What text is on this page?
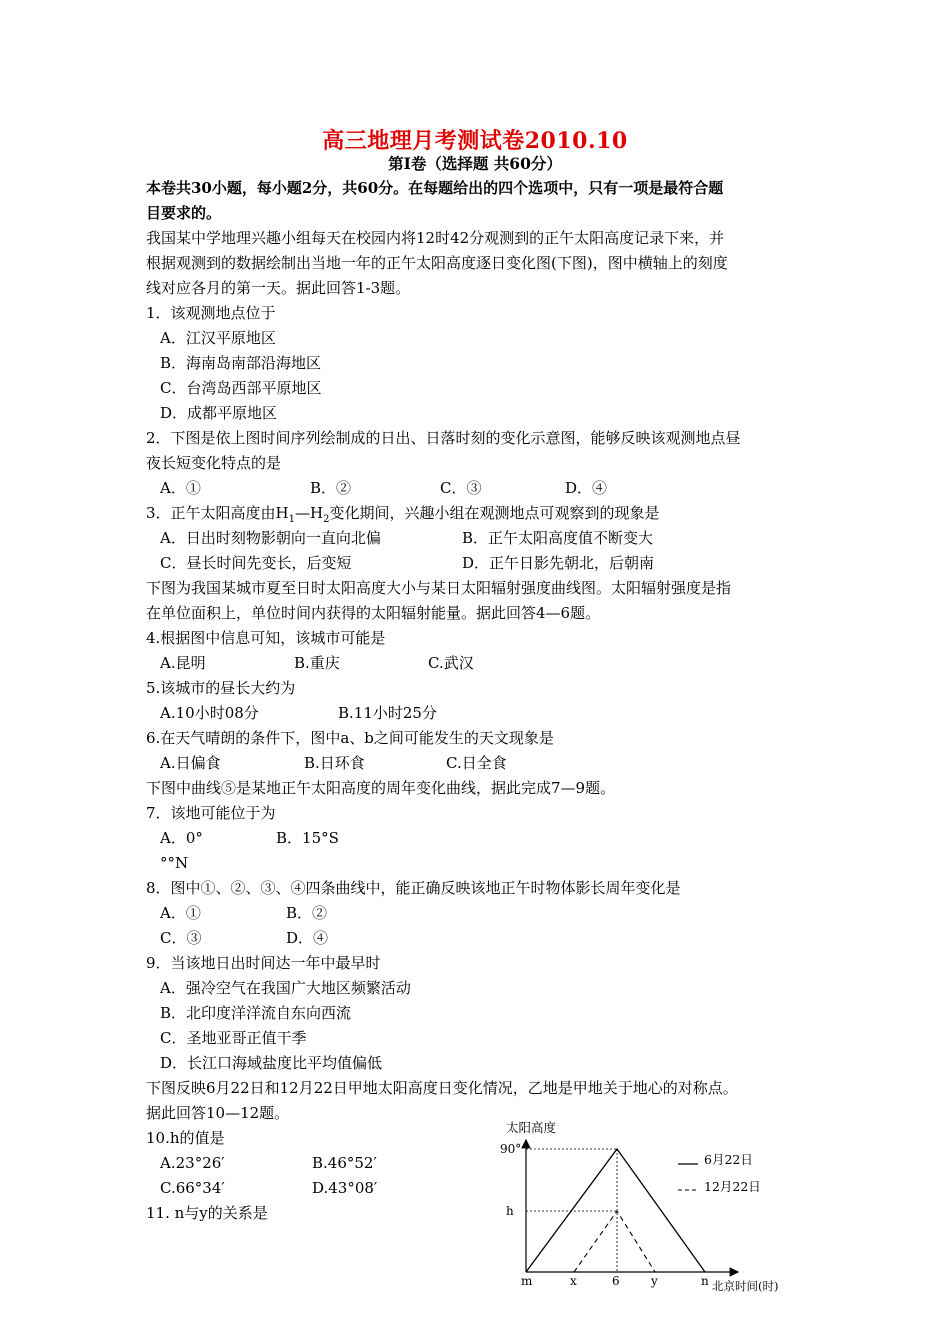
高三地理月考测试卷2010.10
第Ⅰ卷（选择题 共60分）
本卷共30小题，每小题2分，共60分。在每题给出的四个选项中，只有一项是最符合题
目要求的。
我国某中学地理兴趣小组每天在校园内将12时42分观测到的正午太阳高度记录下来，并
根据观测到的数据绘制出当地一年的正午太阳高度逐日变化图(下图)，图中横轴上的刻度
线对应各月的第一天。据此回答1-3题。
1．该观测地点位于
A．江汉平原地区
B．海南岛南部沿海地区
C．台湾岛西部平原地区
D．成都平原地区
2．下图是依上图时间序列绘制成的日出、日落时刻的变化示意图，能够反映该观测地点昼
夜长短变化特点的是
A．①	B．②	C．③	D．④
3．正午太阳高度由$H_1—H_2$变化期间，兴趣小组在观测地点可观察到的现象是
A．日出时刻物影朝向一直向北偏	B．正午太阳高度值不断变大
C．昼长时间先变长，后变短	D．正午日影先朝北，后朝南
下图为我国某城市夏至日时太阳高度大小与某日太阳辐射强度曲线图。太阳辐射强度是指
在单位面积上，单位时间内获得的太阳辐射能量。据此回答4—6题。
4.根据图中信息可知，该城市可能是
A.昆明	B.重庆	C.武汉
5.该城市的昼长大约为
A.10小时08分	B.11小时25分
6.在天气晴朗的条件下，图中a、b之间可能发生的天文现象是
A.日偏食	B.日环食	C.日全食
下图中曲线⑤是某地正午太阳高度的周年变化曲线，据此完成7—9题。
7．该地可能位于为
A．0°	B．15°S
°°N
8．图中①、②、③、④四条曲线中，能正确反映该地正午时物体影长周年变化是
A．①	B．②
C．③	D．④
9．当该地日出时间达一年中最早时
A．强冷空气在我国广大地区频繁活动
B．北印度洋洋流自东向西流
C．圣地亚哥正值干季
D．长江口海域盐度比平均值偏低
下图反映6月22日和12月22日甲地太阳高度日变化情况，乙地是甲地关于地心的对称点。
据此回答10—12题。
10.h的值是
A.23°26′	B.46°52′
C.66°34′	D.43°08′
11. n与y的关系是
太阳高度
90°
h
m	x	6	y	n 北京时间(时)
6月22日
12月22日
